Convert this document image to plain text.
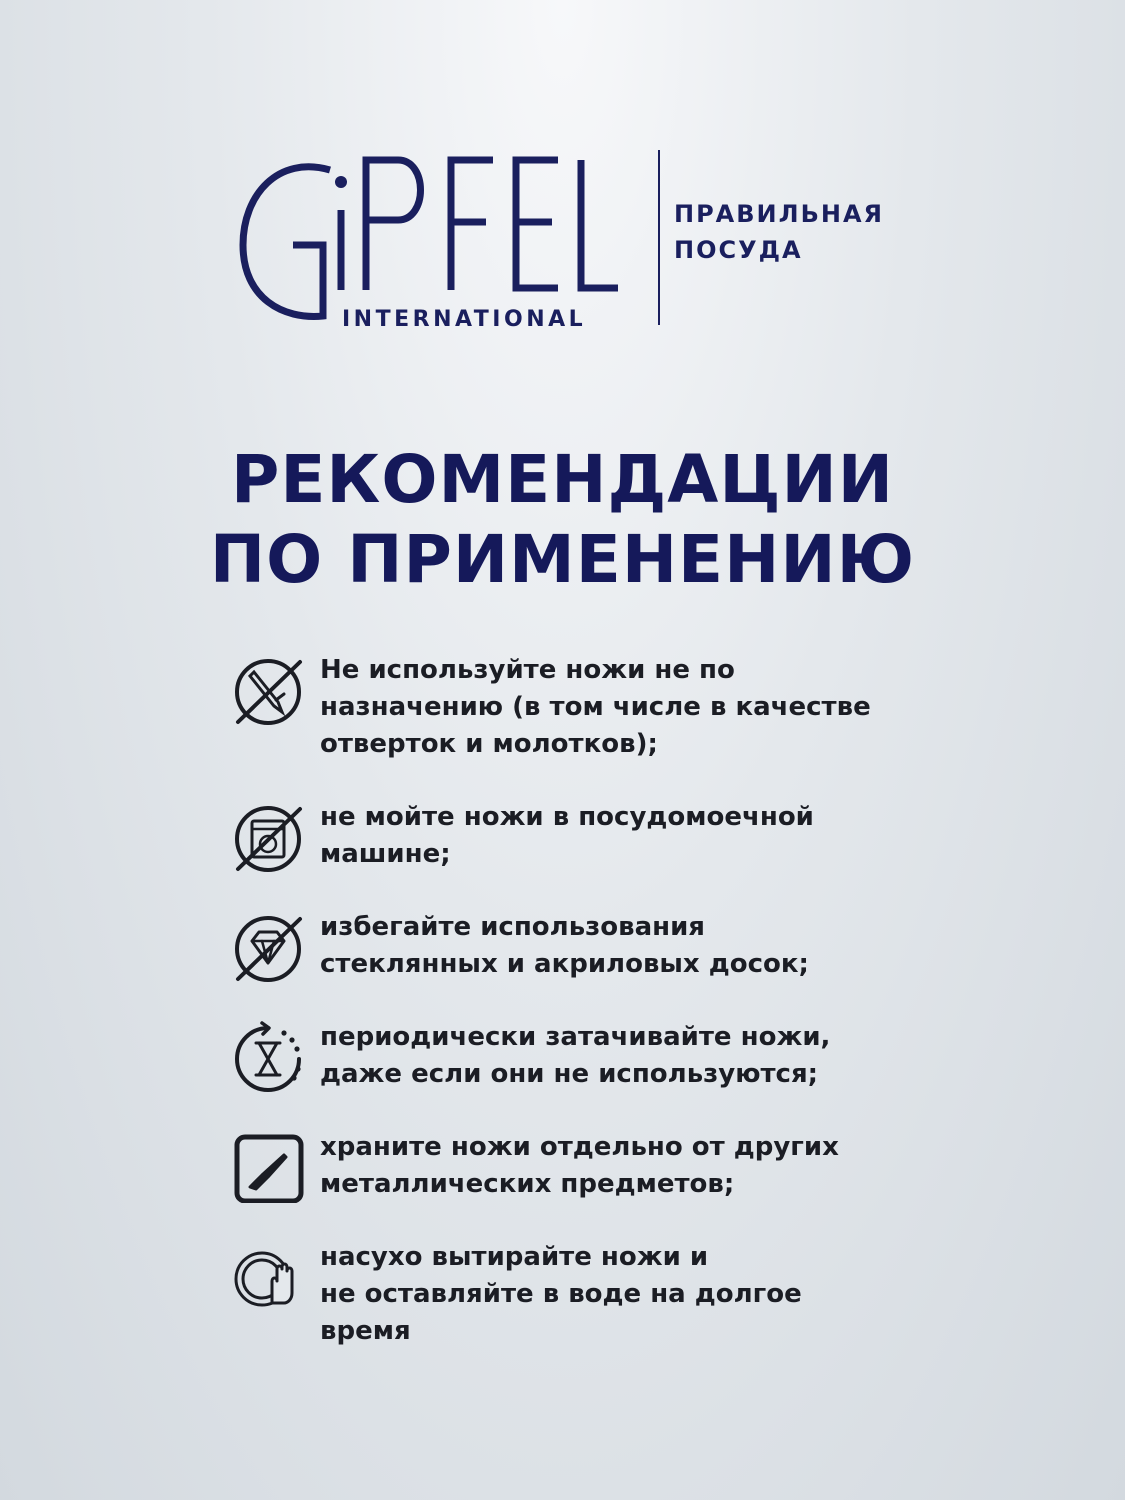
INTERNATIONAL
ПРАВИЛЬНАЯ
ПОСУДА
РЕКОМЕНДАЦИИ
ПО ПРИМЕНЕНИЮ
Не используйте ножи не по
назначению (в том числе в качестве
отверток и молотков);
не мойте ножи в посудомоечной
машине;
избегайте использования
стеклянных и акриловых досок;
периодически затачивайте ножи,
даже если они не используются;
храните ножи отдельно от других
металлических предметов;
насухо вытирайте ножи и
не оставляйте в воде на долгое
время
